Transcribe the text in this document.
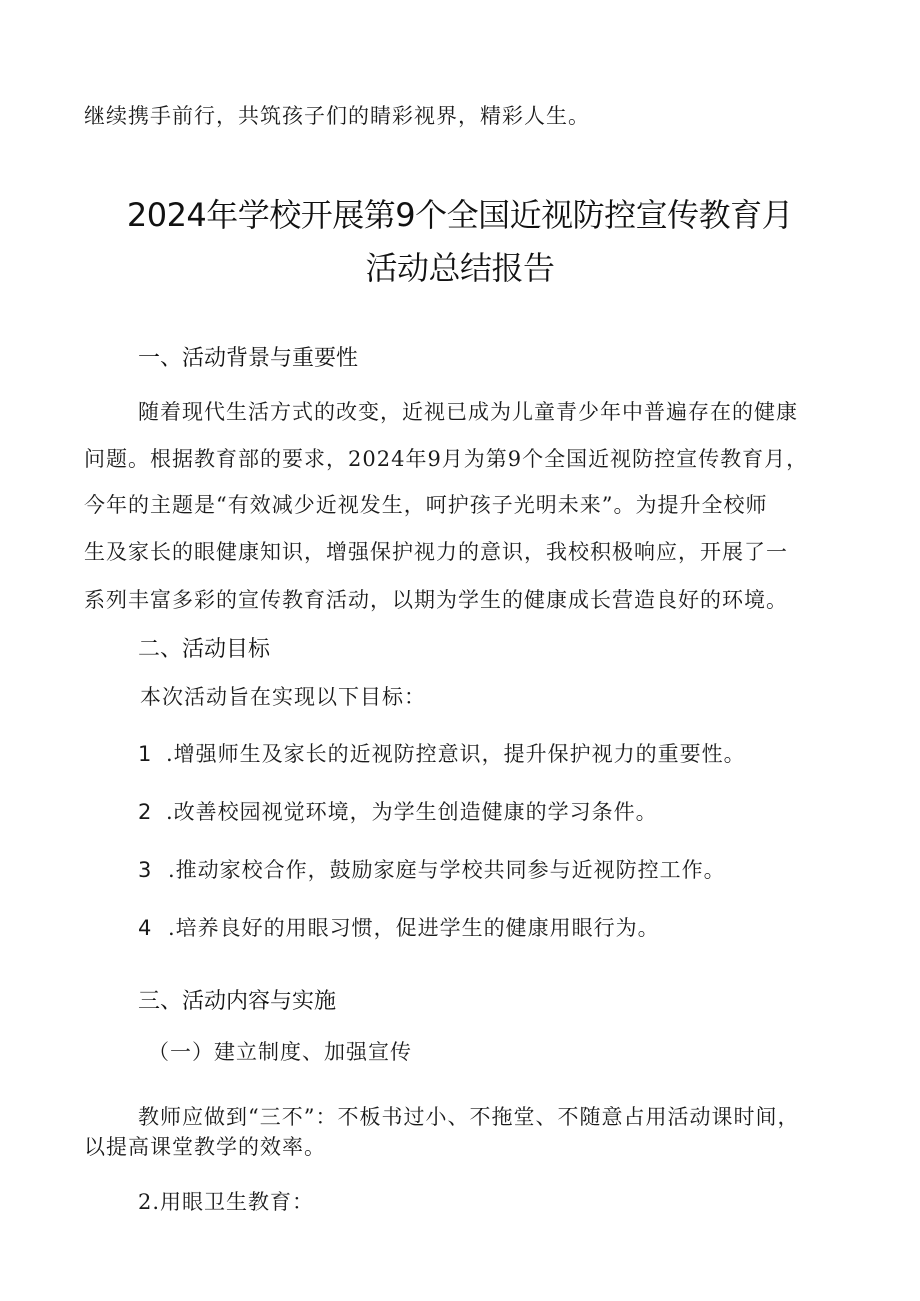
继续携手前行，共筑孩子们的睛彩视界，精彩人生。
2024年学校开展第9个全国近视防控宣传教育月
活动总结报告
一、活动背景与重要性
随着现代生活方式的改变，近视已成为儿童青少年中普遍存在的健康
问题。根据教育部的要求，2024年9月为第9个全国近视防控宣传教育月，
今年的主题是“有效减少近视发生，呵护孩子光明未来”。为提升全校师
生及家长的眼健康知识，增强保护视力的意识，我校积极响应，开展了一
系列丰富多彩的宣传教育活动，以期为学生的健康成长营造良好的环境。
二、活动目标
本次活动旨在实现以下目标：
1 .增强师生及家长的近视防控意识，提升保护视力的重要性。
2 .改善校园视觉环境，为学生创造健康的学习条件。
3 .推动家校合作，鼓励家庭与学校共同参与近视防控工作。
4 .培养良好的用眼习惯，促进学生的健康用眼行为。
三、活动内容与实施
（一）建立制度、加强宣传
教师应做到“三不”：不板书过小、不拖堂、不随意占用活动课时间，
以提高课堂教学的效率。
2.用眼卫生教育：
